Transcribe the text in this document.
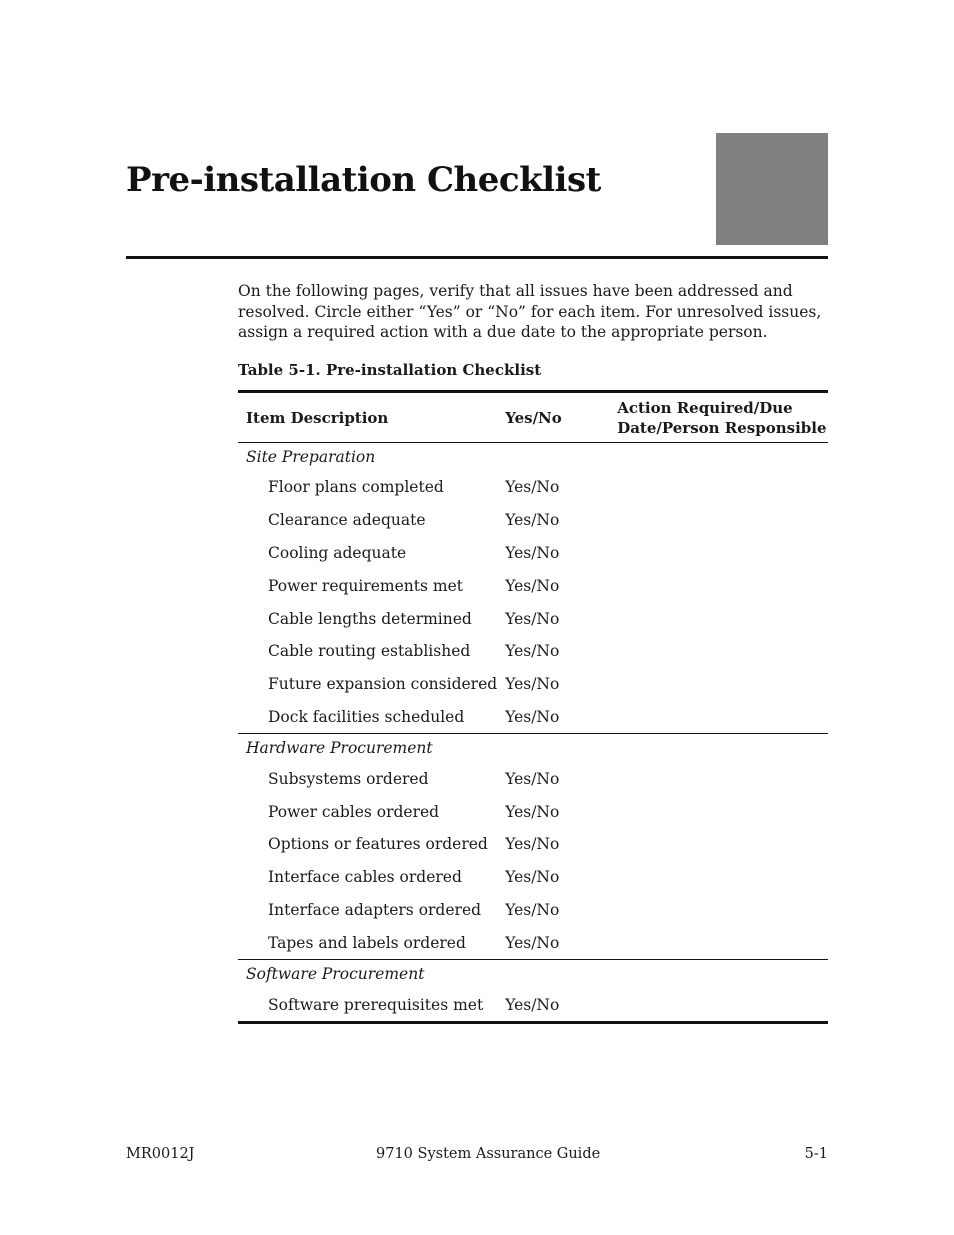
Pre-installation Checklist

On the following pages, verify that all issues have been addressed and resolved. Circle either “Yes” or “No” for each item. For unresolved issues, assign a required action with a due date to the appropriate person.

Table 5-1. Pre-installation Checklist

Item Description	Yes/No	Action Required/Due
Date/Person Responsible
Site Preparation		
Floor plans completed	Yes/No	
Clearance adequate	Yes/No	
Cooling adequate	Yes/No	
Power requirements met	Yes/No	
Cable lengths determined	Yes/No	
Cable routing established	Yes/No	
Future expansion considered	Yes/No	
Dock facilities scheduled	Yes/No	
Hardware Procurement		
Subsystems ordered	Yes/No	
Power cables ordered	Yes/No	
Options or features ordered	Yes/No	
Interface cables ordered	Yes/No	
Interface adapters ordered	Yes/No	
Tapes and labels ordered	Yes/No	
Software Procurement		
Software prerequisites met	Yes/No	
MR0012J	9710 System Assurance Guide	5-1
